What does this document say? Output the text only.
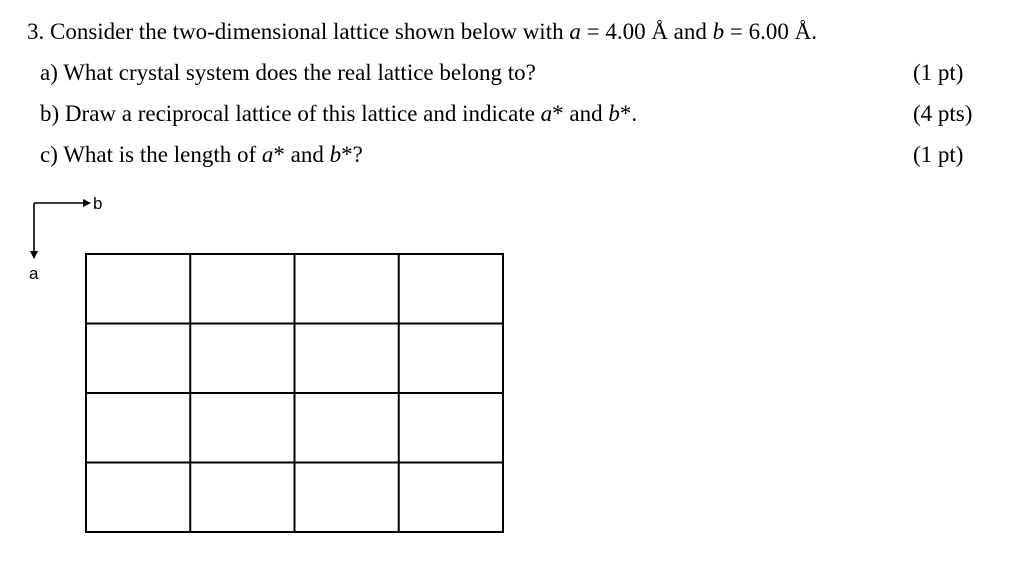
3. Consider the two-dimensional lattice shown below with a = 4.00 Å and b = 6.00 Å.
a) What crystal system does the real lattice belong to?	(1 pt)
b) Draw a reciprocal lattice of this lattice and indicate a* and b*.	(4 pts)
c) What is the length of a* and b*?	(1 pt)
b
a
